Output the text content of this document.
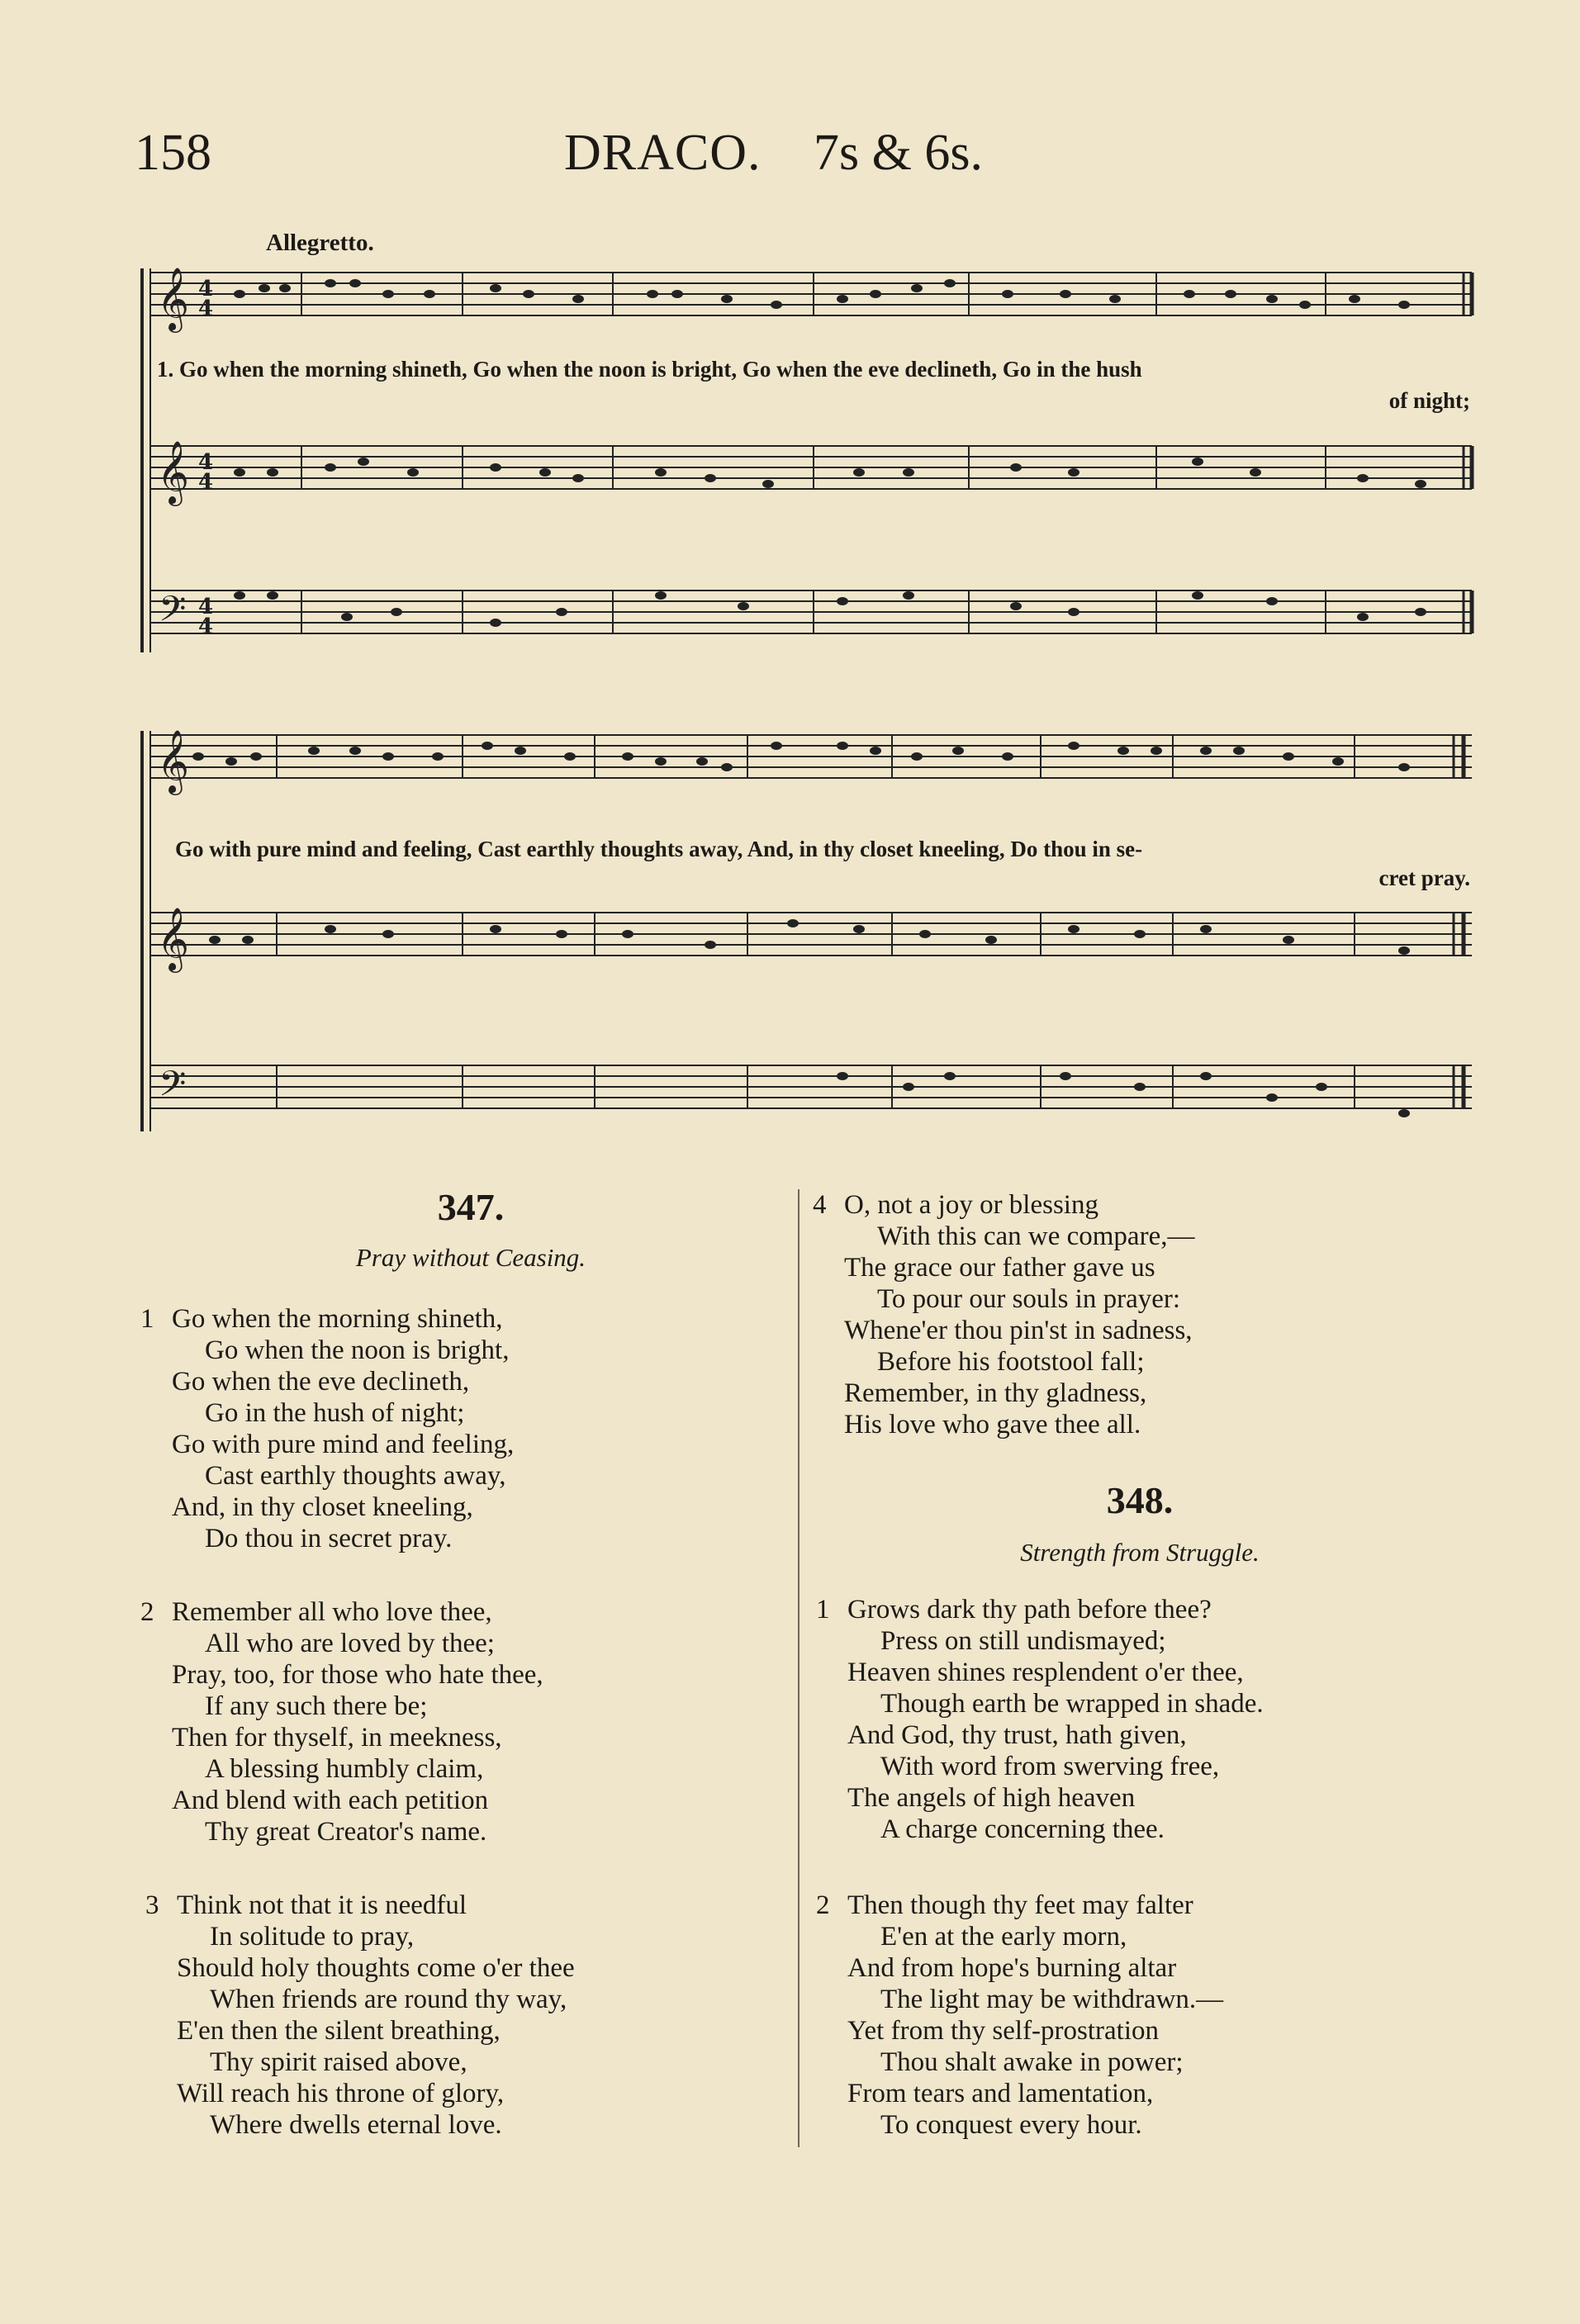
158	DRACO. 7s & 6s.
Allegretto.
𝄞
𝄞
𝄢
4
4
4
4
4
4
1. Go when the morning shineth, Go when the noon is bright, Go when the eve declineth, Go in the hush
of night;
𝄞
𝄞
𝄢
Go with pure mind and feeling, Cast earthly thoughts away, And, in thy closet kneeling, Do thou in se-
cret pray.
347.
Pray without Ceasing.
1 Go when the morning shineth,
Go when the noon is bright,
Go when the eve declineth,
Go in the hush of night;
Go with pure mind and feeling,
Cast earthly thoughts away,
And, in thy closet kneeling,
Do thou in secret pray.
2 Remember all who love thee,
All who are loved by thee;
Pray, too, for those who hate thee,
If any such there be;
Then for thyself, in meekness,
A blessing humbly claim,
And blend with each petition
Thy great Creator's name.
3 Think not that it is needful
In solitude to pray,
Should holy thoughts come o'er thee
When friends are round thy way,
E'en then the silent breathing,
Thy spirit raised above,
Will reach his throne of glory,
Where dwells eternal love.
4 O, not a joy or blessing
With this can we compare,—
The grace our father gave us
To pour our souls in prayer:
Whene'er thou pin'st in sadness,
Before his footstool fall;
Remember, in thy gladness,
His love who gave thee all.
348.
Strength from Struggle.
1 Grows dark thy path before thee?
Press on still undismayed;
Heaven shines resplendent o'er thee,
Though earth be wrapped in shade.
And God, thy trust, hath given,
With word from swerving free,
The angels of high heaven
A charge concerning thee.
2 Then though thy feet may falter
E'en at the early morn,
And from hope's burning altar
The light may be withdrawn.—
Yet from thy self-prostration
Thou shalt awake in power;
From tears and lamentation,
To conquest every hour.
